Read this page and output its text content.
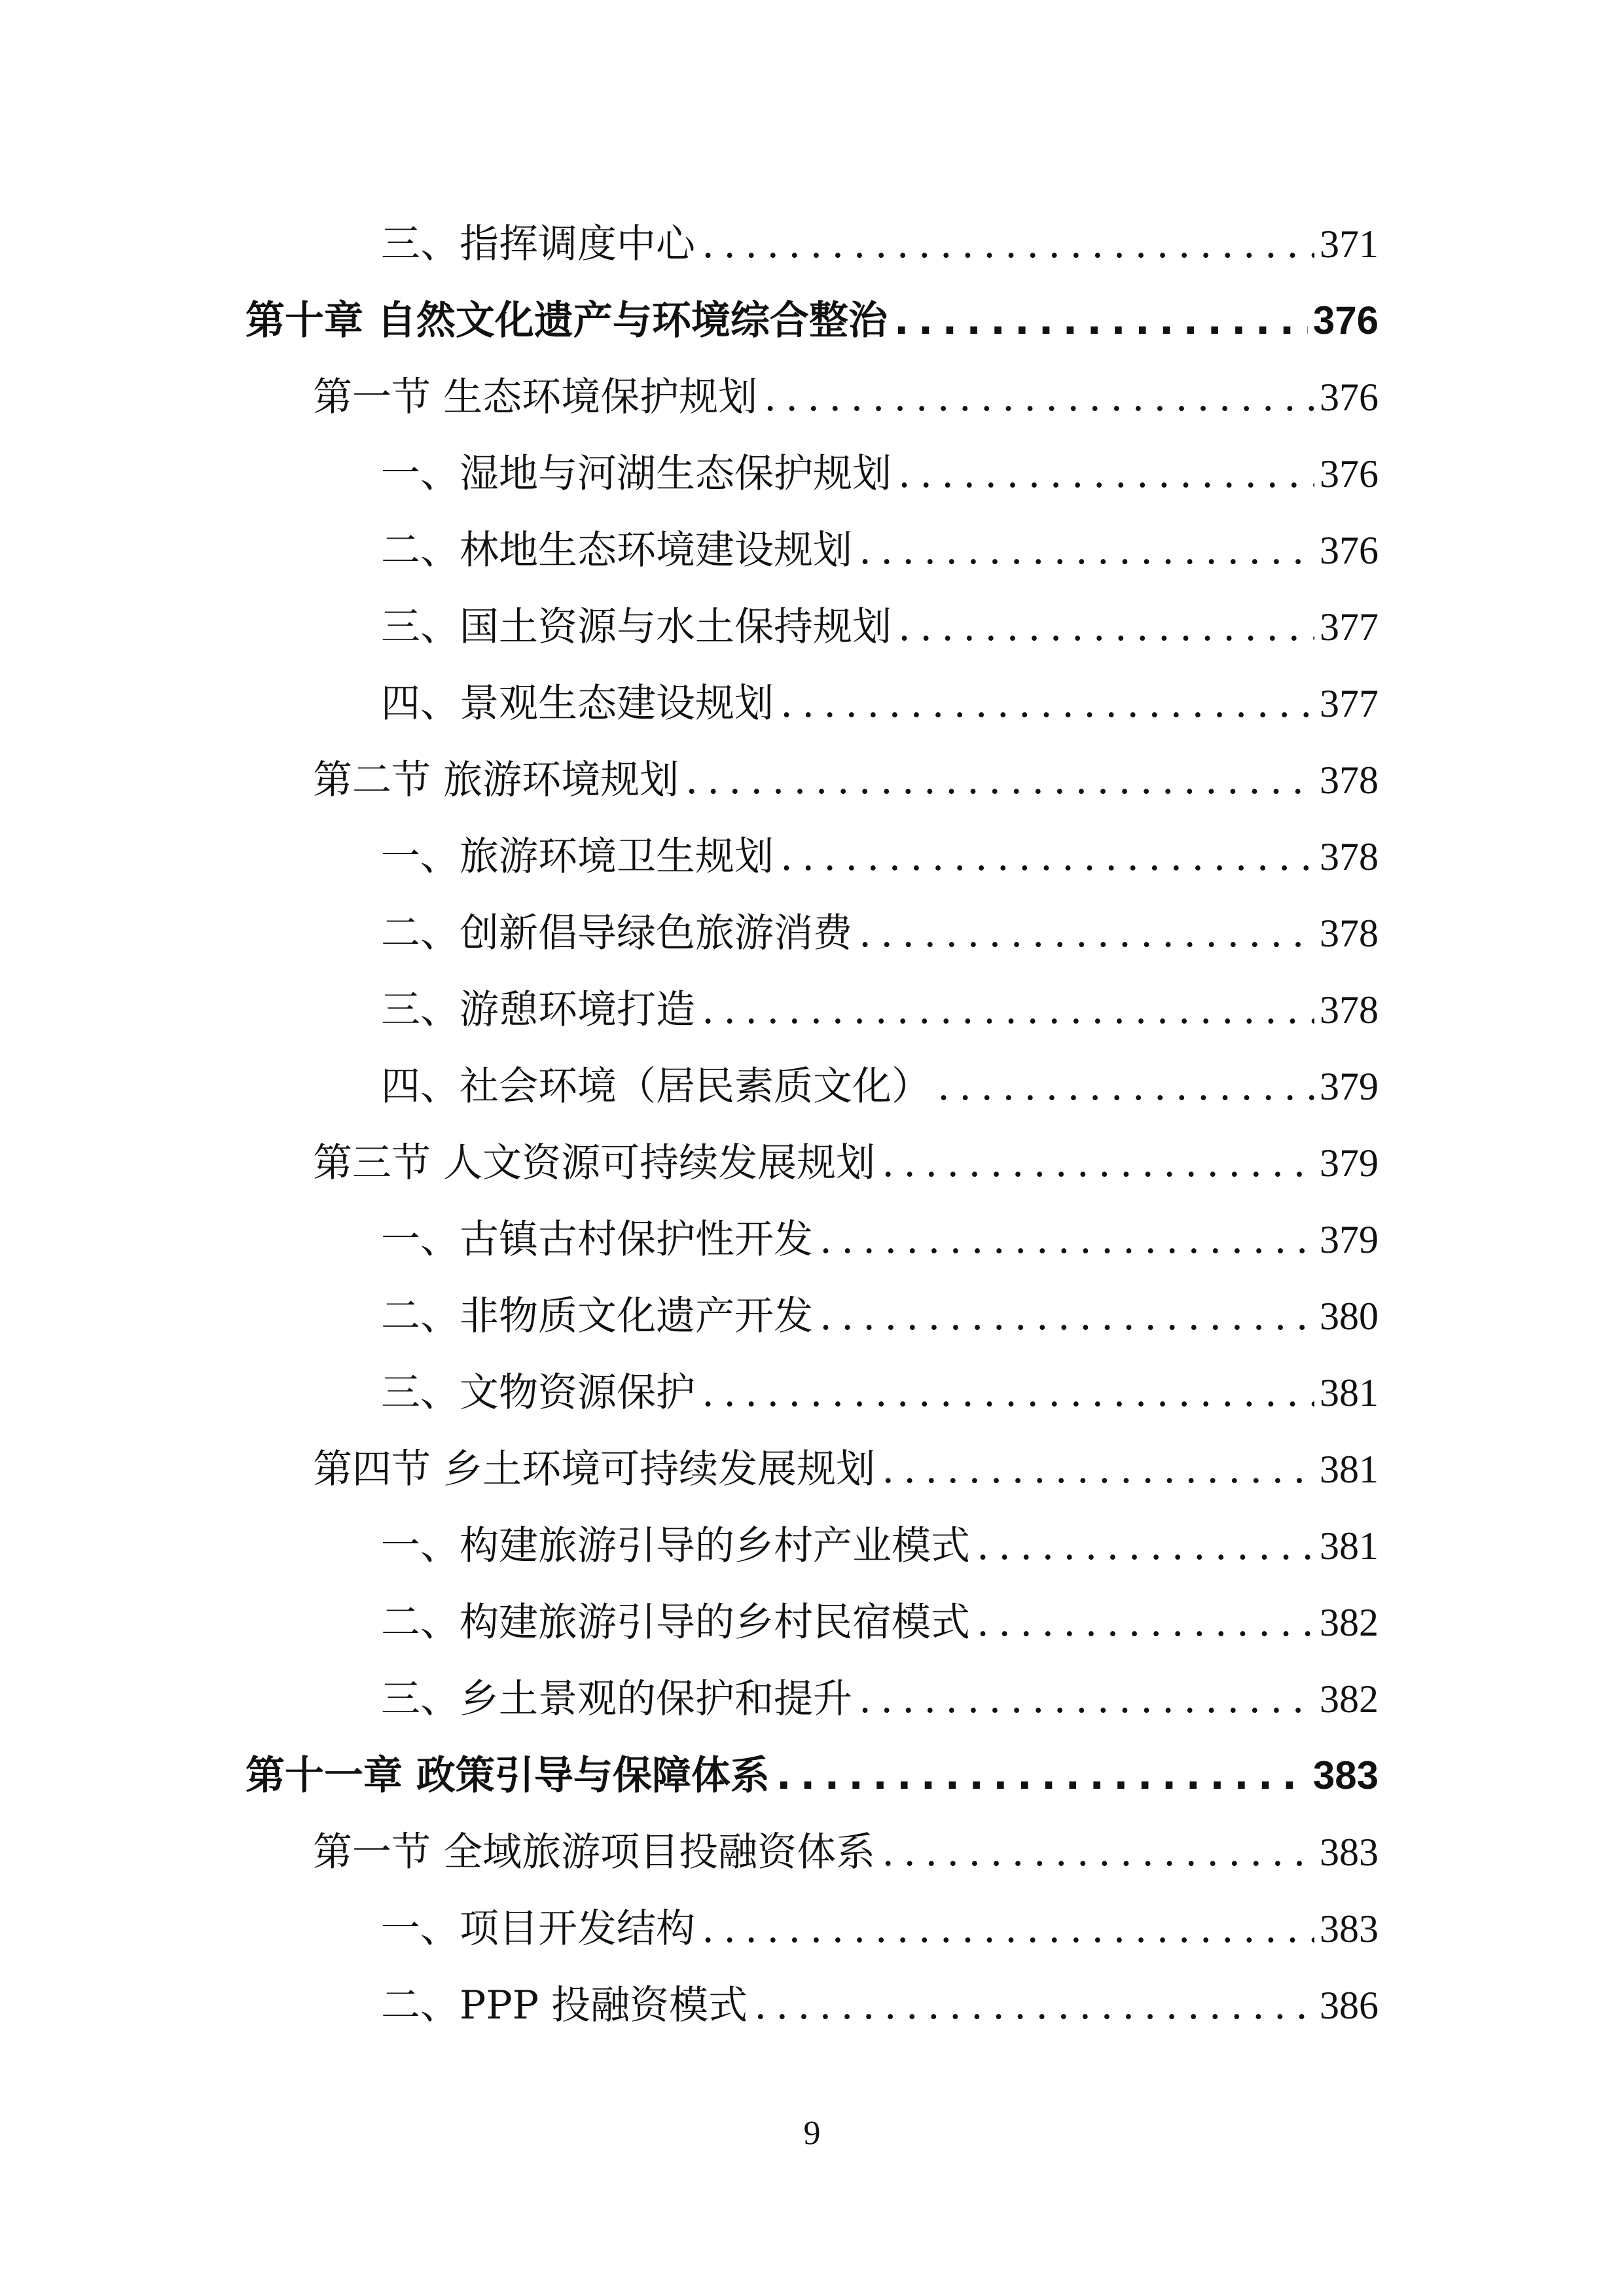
三、指挥调度中心 .....	371
第十章 自然文化遗产与环境综合整治 .....	376
第一节 生态环境保护规划 .....	376
一、湿地与河湖生态保护规划 .....	376
二、林地生态环境建设规划 .....	376
三、国土资源与水土保持规划 .....	377
四、景观生态建设规划 .....	377
第二节 旅游环境规划 .....	378
一、旅游环境卫生规划 .....	378
二、创新倡导绿色旅游消费 .....	378
三、游憩环境打造 .....	378
四、社会环境（居民素质文化） .....	379
第三节 人文资源可持续发展规划 .....	379
一、古镇古村保护性开发 .....	379
二、非物质文化遗产开发 .....	380
三、文物资源保护 .....	381
第四节 乡土环境可持续发展规划 .....	381
一、构建旅游引导的乡村产业模式 .....	381
二、构建旅游引导的乡村民宿模式 .....	382
三、乡土景观的保护和提升 .....	382
第十一章 政策引导与保障体系 .....	383
第一节 全域旅游项目投融资体系 .....	383
一、项目开发结构 .....	383
二、PPP 投融资模式 .....	386
9
